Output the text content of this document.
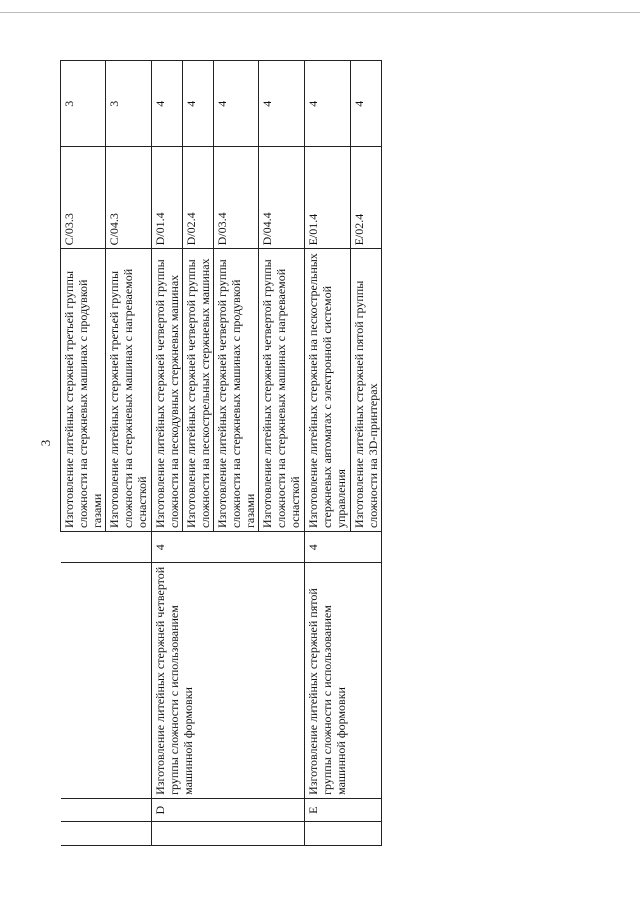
3
				Изготовление литейных стержней третьей группы сложности на стержневых машинах с продувкой газами	C/03.3	3
				Изготовление литейных стержней третьей группы сложности на стержневых машинах с нагреваемой оснасткой	C/04.3	3
	D	Изготовление литейных стержней четвертой группы сложности с использованием машинной формовки	4	Изготовление литейных стержней четвертой группы сложности на пескодувных стержневых машинах	D/01.4	4
				Изготовление литейных стержней четвертой группы сложности на пескострельных стержневых машинах	D/02.4	4
				Изготовление литейных стержней четвертой группы сложности на стержневых машинах с продувкой газами	D/03.4	4
				Изготовление литейных стержней четвертой группы сложности на стержневых машинах с нагреваемой оснасткой	D/04.4	4
	E	Изготовление литейных стержней пятой группы сложности с использованием машинной формовки	4	Изготовление литейных стержней на пескострельных стержневых автоматах с электронной системой управления	E/01.4	4
				Изготовление литейных стержней пятой группы сложности на 3D-принтерах	E/02.4	4
